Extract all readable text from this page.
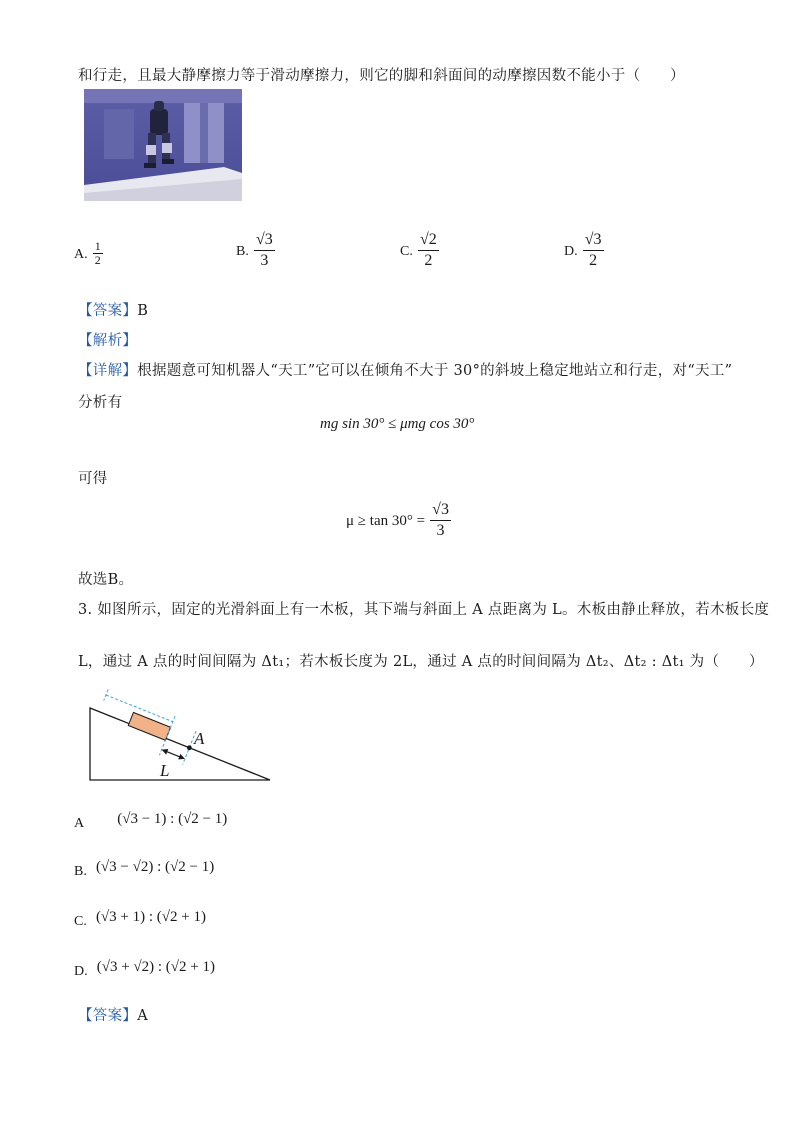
和行走，且最大静摩擦力等于滑动摩擦力，则它的脚和斜面间的动摩擦因数不能小于（　　）
A. $\frac{1}{2}$	B. $\frac{√3}{3}$	C. $\frac{√2}{2}$	D. $\frac{√3}{2}$
【答案】B
【解析】
【详解】根据题意可知机器人“天工”它可以在倾角不大于 30°的斜坡上稳定地站立和行走，对“天工”
分析有
mg sin 30° ≤ μmg cos 30°
可得
$\mu \ge \tan 30^\circ = \frac{√3}{3}$
故选B。
3. 如图所示，固定的光滑斜面上有一木板，其下端与斜面上 A 点距离为 L。木板由静止释放，若木板长度
L，通过 A 点的时间间隔为 Δt₁；若木板长度为 2L，通过 A 点的时间间隔为 Δt₂、Δt₂ : Δt₁ 为（　　）
A
L
A (√3 − 1) : (√2 − 1)
B. (√3 − √2) : (√2 − 1)
C. (√3 + 1) : (√2 + 1)
D. (√3 + √2) : (√2 + 1)
【答案】A
